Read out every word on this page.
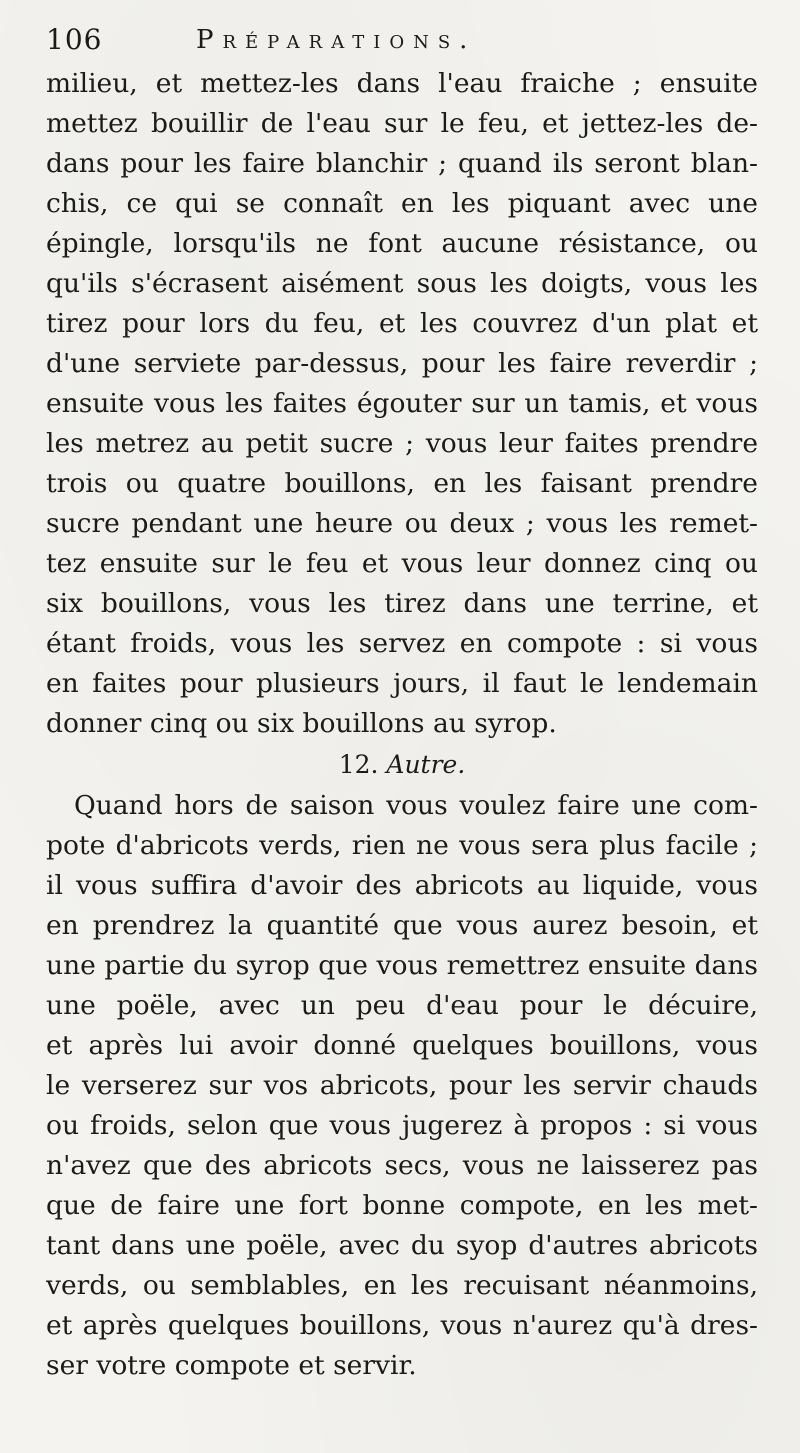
106	Préparations.
milieu, et mettez-les dans l'eau fraiche ; ensuite
mettez bouillir de l'eau sur le feu, et jettez-les de-
dans pour les faire blanchir ; quand ils seront blan-
chis, ce qui se connaît en les piquant avec une
épingle, lorsqu'ils ne font aucune résistance, ou
qu'ils s'écrasent aisément sous les doigts, vous les
tirez pour lors du feu, et les couvrez d'un plat et
d'une serviete par-dessus, pour les faire reverdir ;
ensuite vous les faites égouter sur un tamis, et vous
les metrez au petit sucre ; vous leur faites prendre
trois ou quatre bouillons, en les faisant prendre
sucre pendant une heure ou deux ; vous les remet-
tez ensuite sur le feu et vous leur donnez cinq ou
six bouillons, vous les tirez dans une terrine, et
étant froids, vous les servez en compote : si vous
en faites pour plusieurs jours, il faut le lendemain
donner cinq ou six bouillons au syrop.
12. Autre.
Quand hors de saison vous voulez faire une com-
pote d'abricots verds, rien ne vous sera plus facile ;
il vous suffira d'avoir des abricots au liquide, vous
en prendrez la quantité que vous aurez besoin, et
une partie du syrop que vous remettrez ensuite dans
une poële, avec un peu d'eau pour le décuire,
et après lui avoir donné quelques bouillons, vous
le verserez sur vos abricots, pour les servir chauds
ou froids, selon que vous jugerez à propos : si vous
n'avez que des abricots secs, vous ne laisserez pas
que de faire une fort bonne compote, en les met-
tant dans une poële, avec du syop d'autres abricots
verds, ou semblables, en les recuisant néanmoins,
et après quelques bouillons, vous n'aurez qu'à dres-
ser votre compote et servir.
